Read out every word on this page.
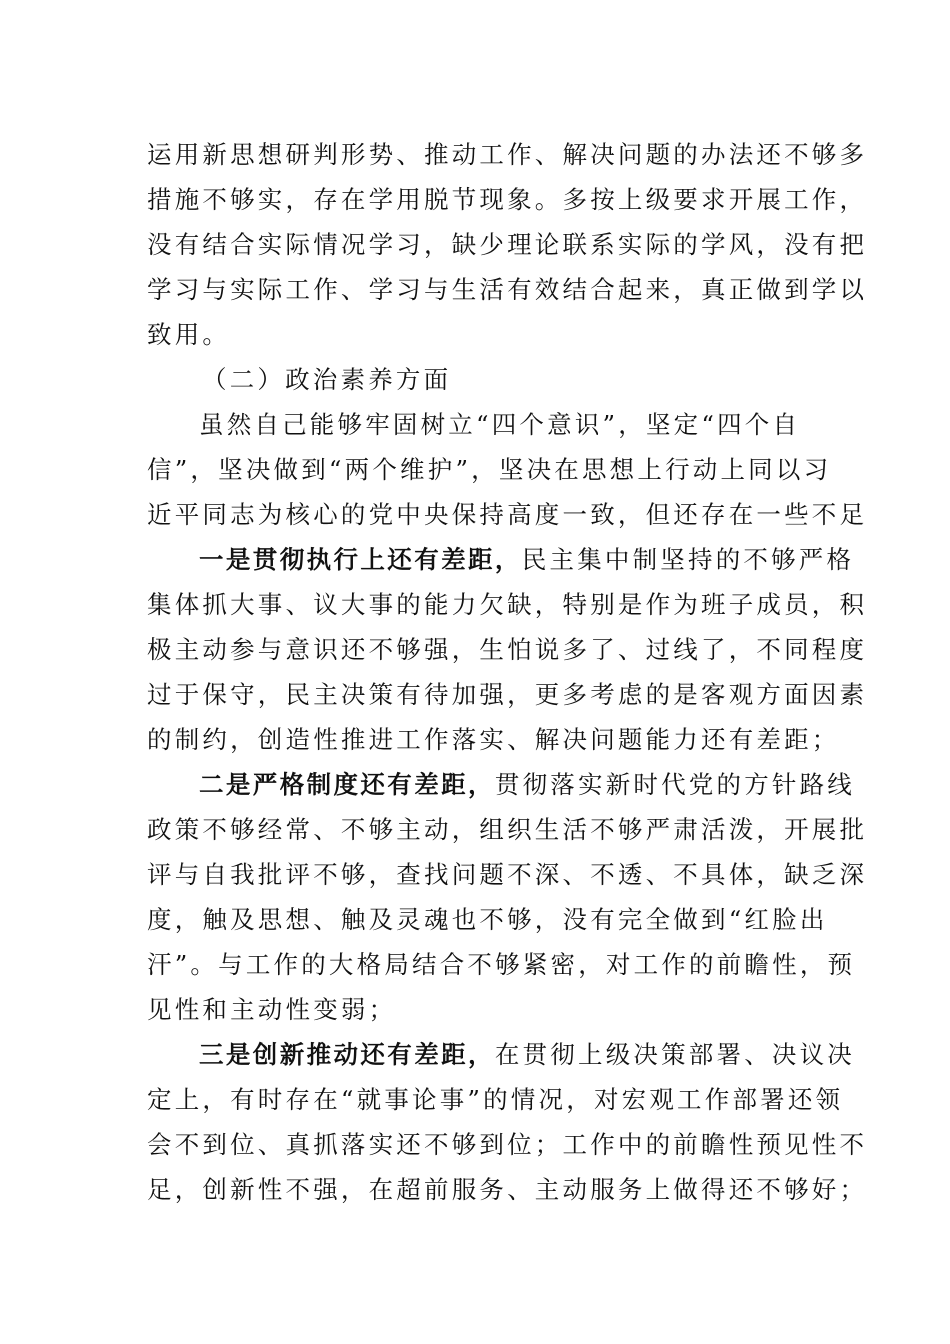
运用新思想研判形势、推动工作、解决问题的办法还不够多
措施不够实，存在学用脱节现象。多按上级要求开展工作，
没有结合实际情况学习，缺少理论联系实际的学风，没有把
学习与实际工作、学习与生活有效结合起来，真正做到学以
致用。
（二）政治素养方面
虽然自己能够牢固树立“四个意识”，坚定“四个自
信”，坚决做到“两个维护”，坚决在思想上行动上同以习
近平同志为核心的党中央保持高度一致，但还存在一些不足
一是贯彻执行上还有差距，民主集中制坚持的不够严格
集体抓大事、议大事的能力欠缺，特别是作为班子成员，积
极主动参与意识还不够强，生怕说多了、过线了，不同程度
过于保守，民主决策有待加强，更多考虑的是客观方面因素
的制约，创造性推进工作落实、解决问题能力还有差距；
二是严格制度还有差距，贯彻落实新时代党的方针路线
政策不够经常、不够主动，组织生活不够严肃活泼，开展批
评与自我批评不够，查找问题不深、不透、不具体，缺乏深
度，触及思想、触及灵魂也不够，没有完全做到“红脸出
汗”。与工作的大格局结合不够紧密，对工作的前瞻性，预
见性和主动性变弱；
三是创新推动还有差距，在贯彻上级决策部署、决议决
定上，有时存在“就事论事”的情况，对宏观工作部署还领
会不到位、真抓落实还不够到位；工作中的前瞻性预见性不
足，创新性不强，在超前服务、主动服务上做得还不够好；
